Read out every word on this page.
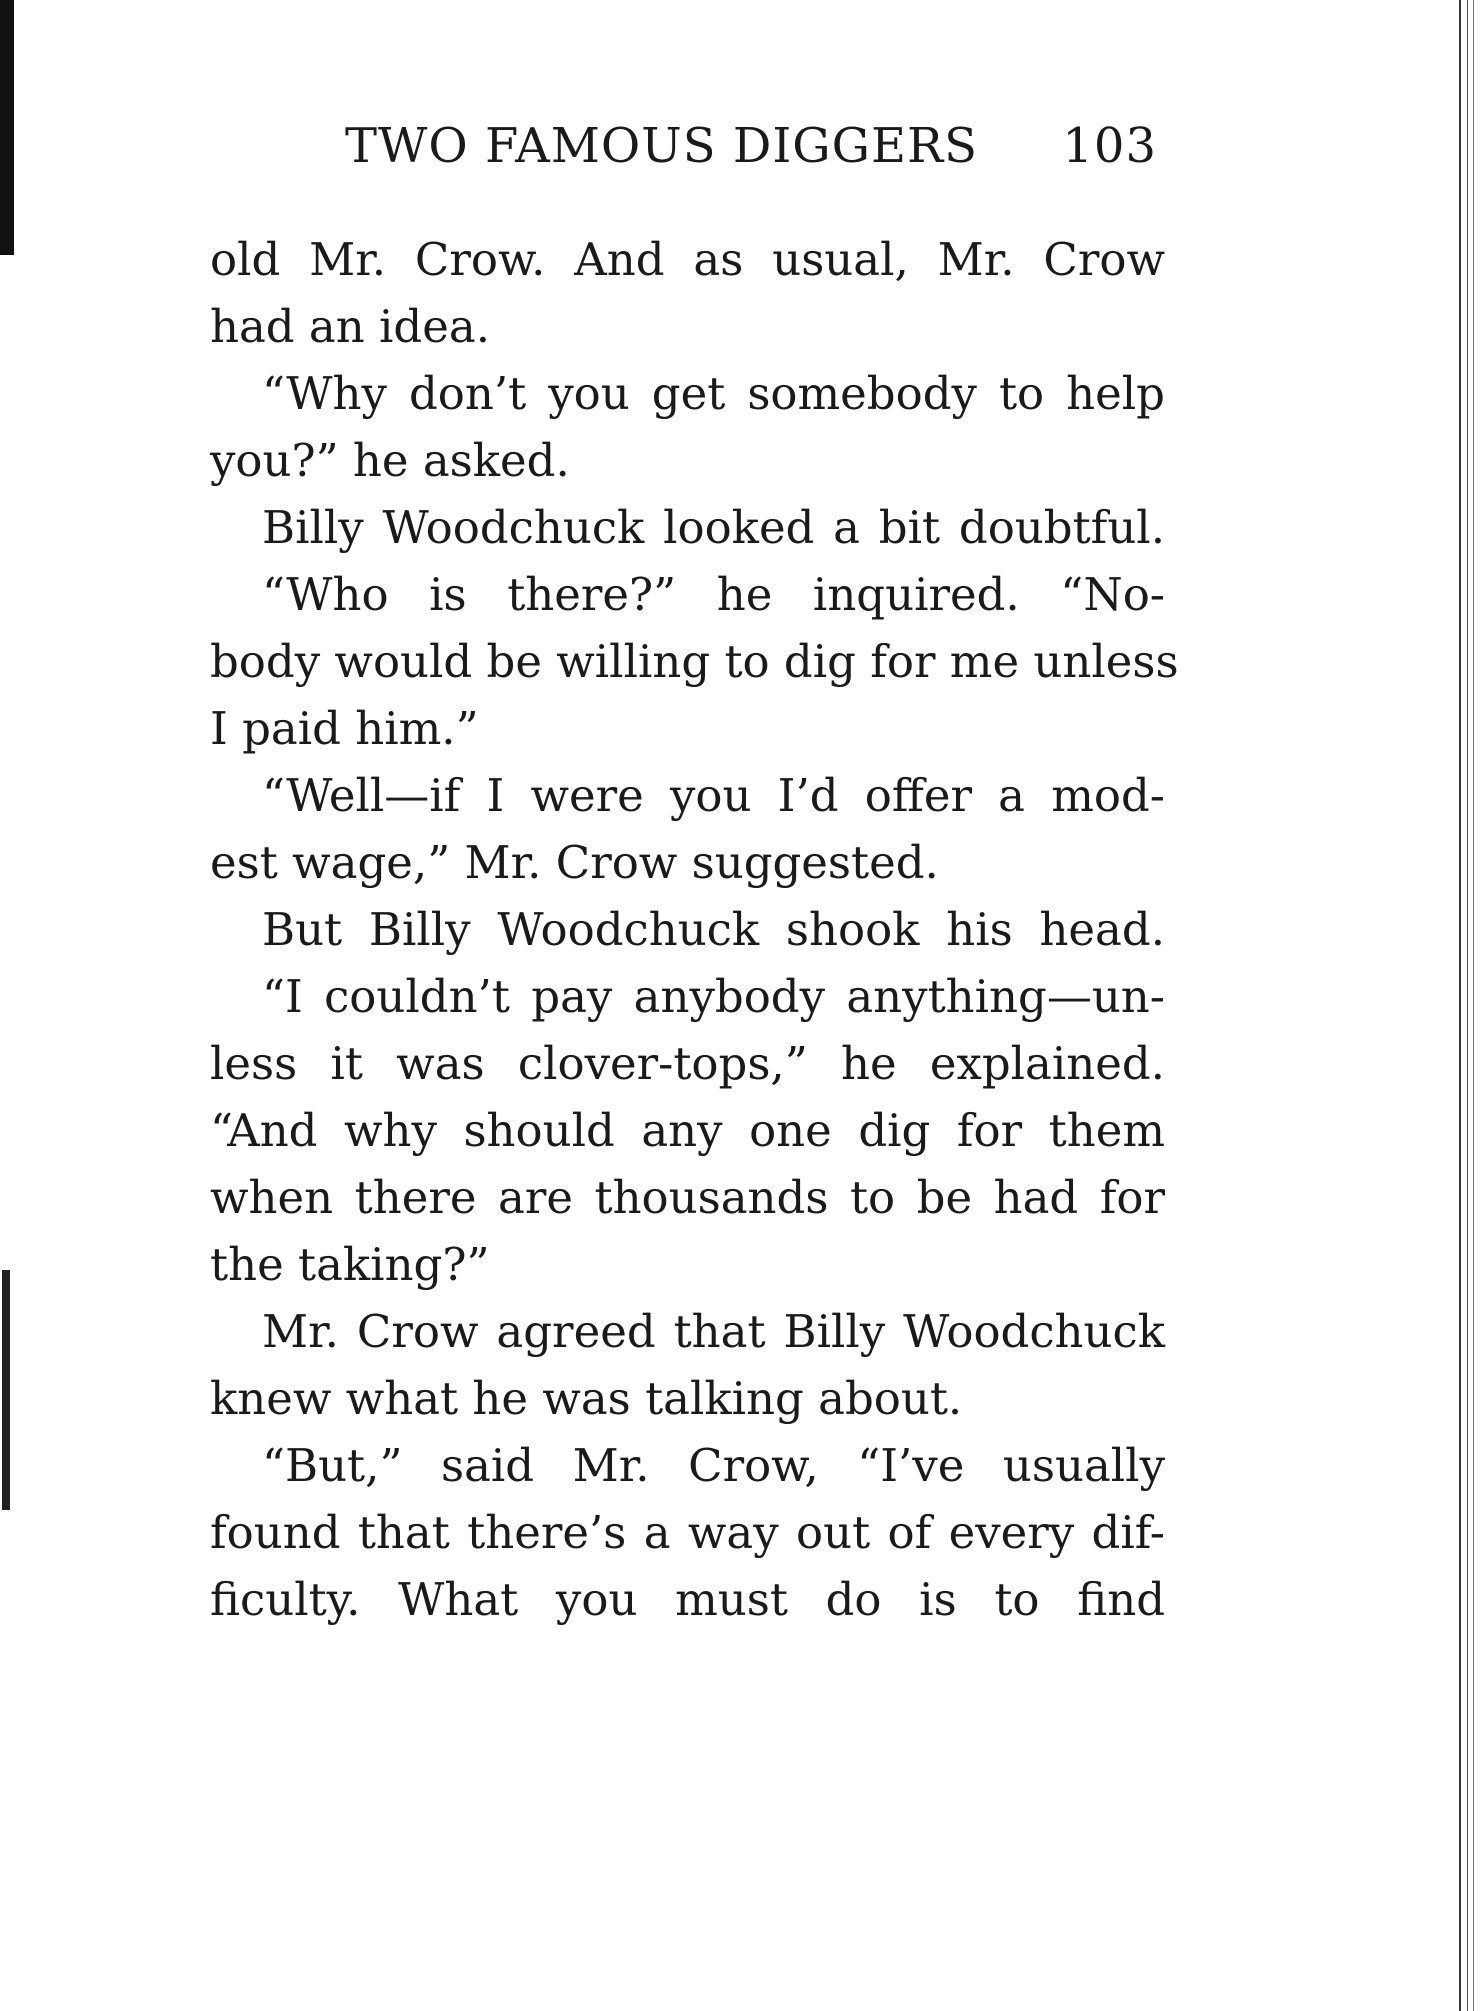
TWO FAMOUS DIGGERS 103
old Mr. Crow. And as usual, Mr. Crow
had an idea.
“Why don’t you get somebody to help
you?” he asked.
Billy Woodchuck looked a bit doubtful.
“Who is there?” he inquired. “No-
body would be willing to dig for me unless
I paid him.”
“Well—if I were you I’d offer a mod-
est wage,” Mr. Crow suggested.
But Billy Woodchuck shook his head.
“I couldn’t pay anybody anything—un-
less it was clover-tops,” he explained.
“And why should any one dig for them
when there are thousands to be had for
the taking?”
Mr. Crow agreed that Billy Woodchuck
knew what he was talking about.
“But,” said Mr. Crow, “I’ve usually
found that there’s a way out of every dif-
ficulty. What you must do is to find
